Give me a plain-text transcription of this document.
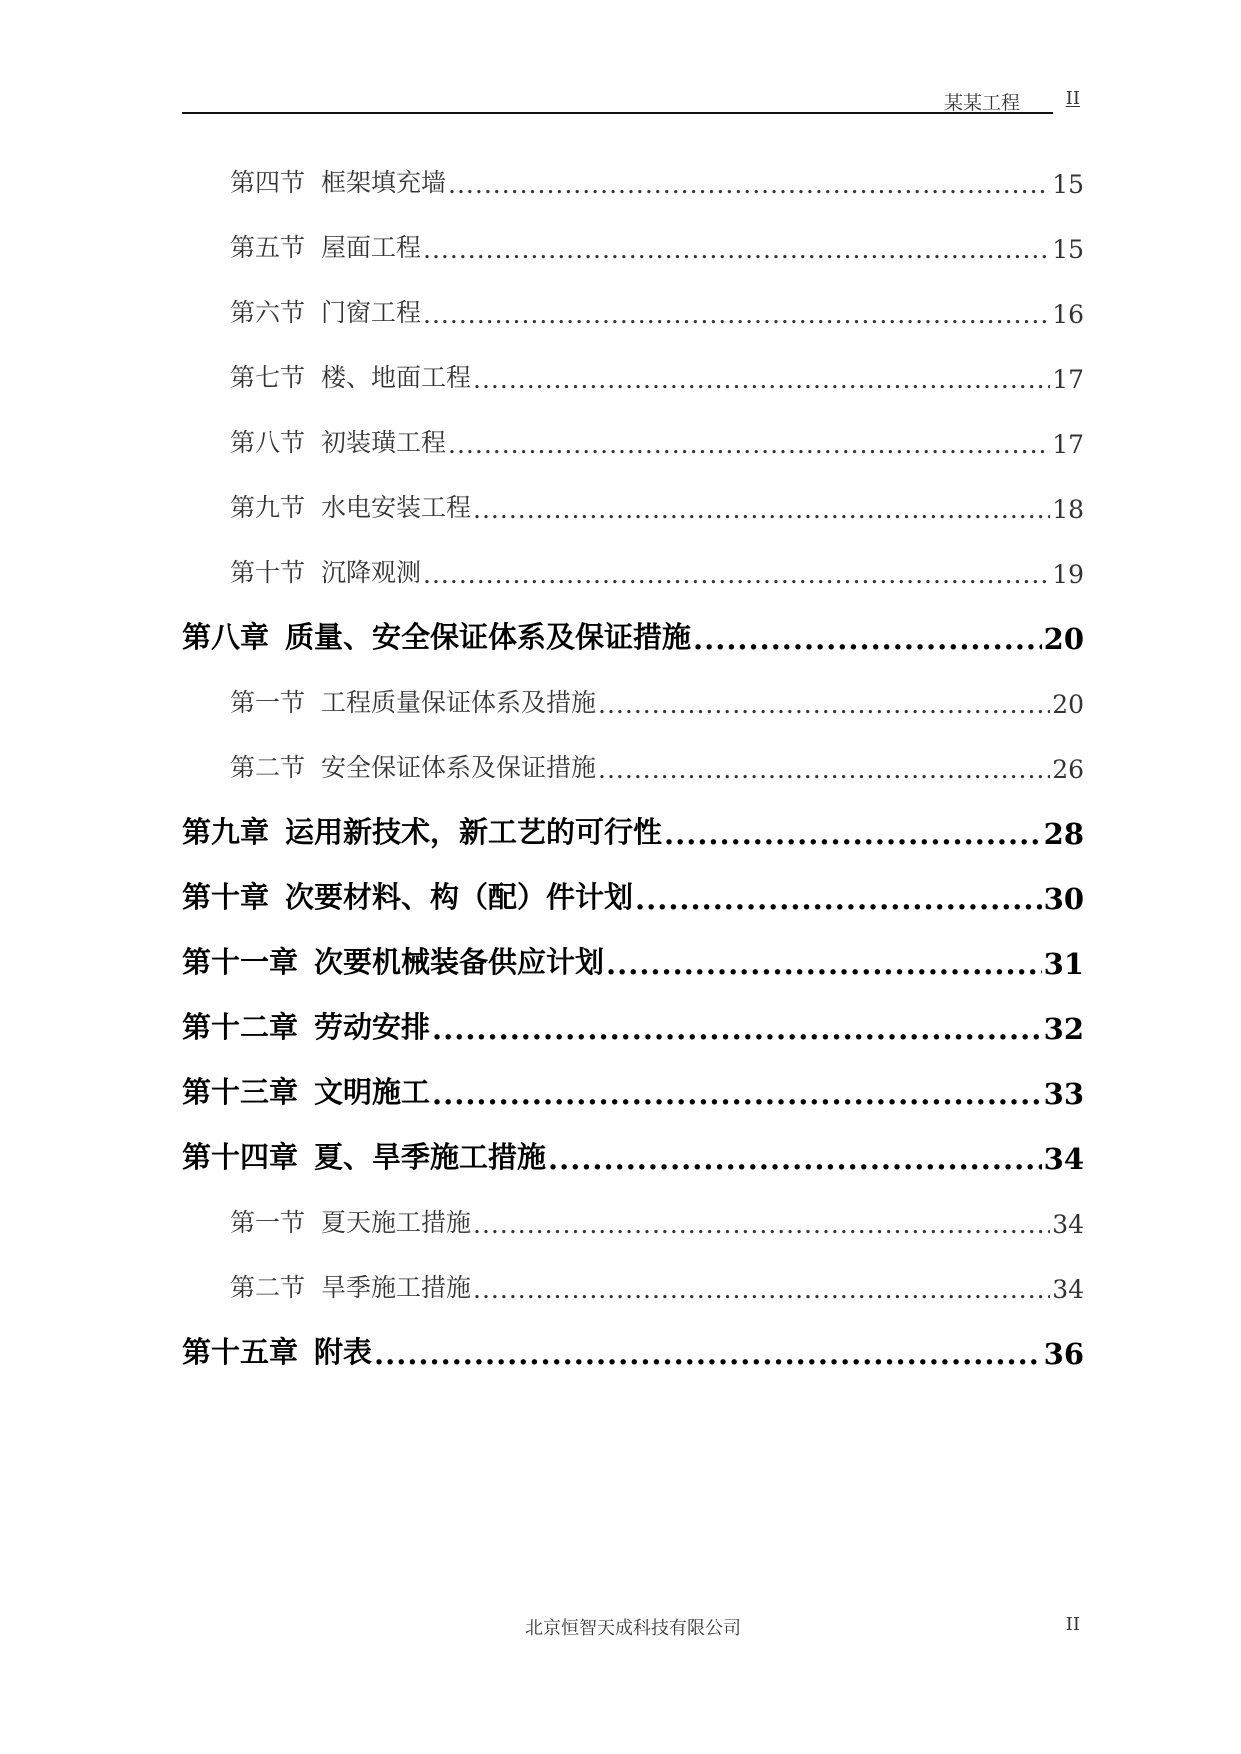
某某工程	II
第四节 框架填充墙 .....	15
第五节 屋面工程 .....	15
第六节 门窗工程 .....	16
第七节 楼、地面工程 .....	17
第八节 初装璜工程 .....	17
第九节 水电安装工程 .....	18
第十节 沉降观测 .....	19
第八章 质量、安全保证体系及保证措施 .....	20
第一节 工程质量保证体系及措施 .....	20
第二节 安全保证体系及保证措施 .....	26
第九章 运用新技术，新工艺的可行性 .....	28
第十章 次要材料、构（配）件计划 .....	30
第十一章 次要机械装备供应计划 .....	31
第十二章 劳动安排 .....	32
第十三章 文明施工 .....	33
第十四章 夏、旱季施工措施 .....	34
第一节 夏天施工措施 .....	34
第二节 旱季施工措施 .....	34
第十五章 附表 .....	36
北京恒智天成科技有限公司	II
